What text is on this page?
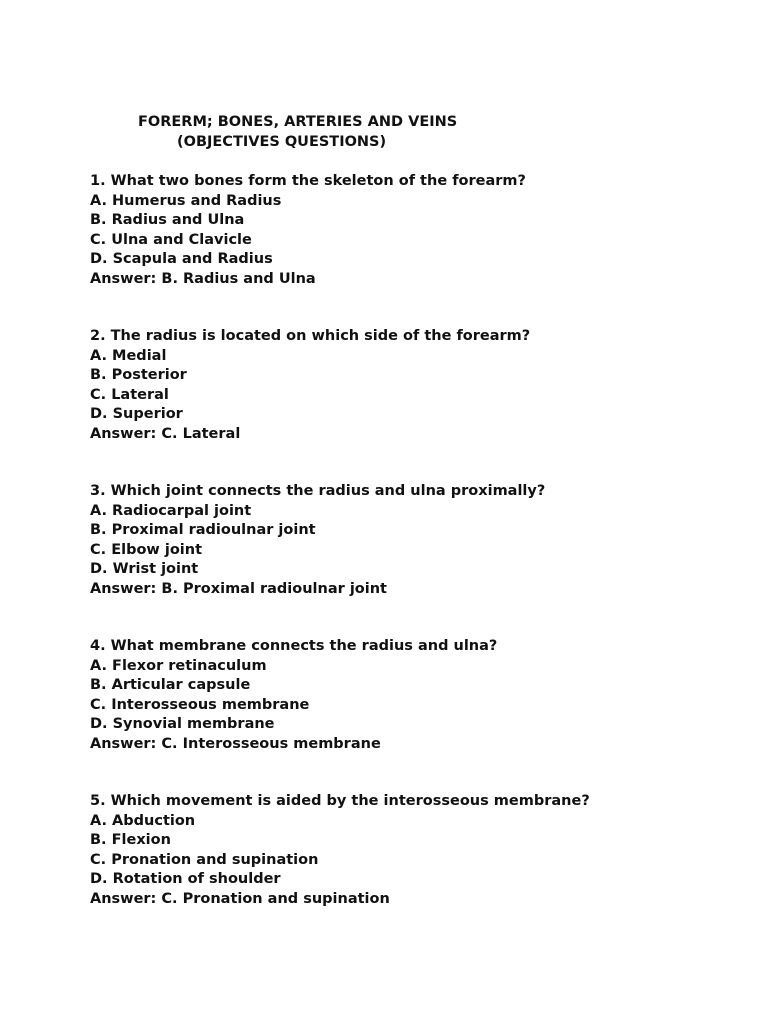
FORERM; BONES, ARTERIES AND VEINS
(OBJECTIVES QUESTIONS)
1. What two bones form the skeleton of the forearm?
A. Humerus and Radius
B. Radius and Ulna
C. Ulna and Clavicle
D. Scapula and Radius
Answer: B. Radius and Ulna
2. The radius is located on which side of the forearm?
A. Medial
B. Posterior
C. Lateral
D. Superior
Answer: C. Lateral
3. Which joint connects the radius and ulna proximally?
A. Radiocarpal joint
B. Proximal radioulnar joint
C. Elbow joint
D. Wrist joint
Answer: B. Proximal radioulnar joint
4. What membrane connects the radius and ulna?
A. Flexor retinaculum
B. Articular capsule
C. Interosseous membrane
D. Synovial membrane
Answer: C. Interosseous membrane
5. Which movement is aided by the interosseous membrane?
A. Abduction
B. Flexion
C. Pronation and supination
D. Rotation of shoulder
Answer: C. Pronation and supination
